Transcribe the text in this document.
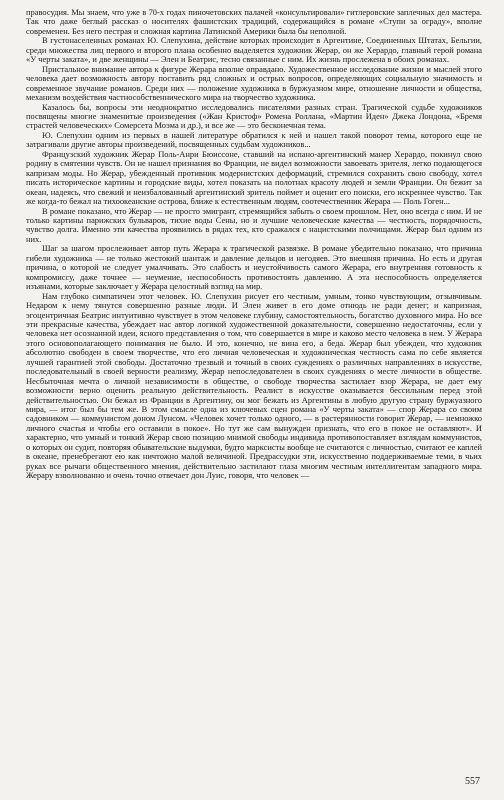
правосудия. Мы знаем, что уже в 70-х годах пиночетовских палачей «консультировали» гитлеровские заплечных дел мастера. Так что даже беглый рассказ о носителях фашистских традиций, содержащийся в романе «Ступи за ограду», вполне современен. Без него пестрая и сложная картина Латинской Америки была бы неполной.

В густонаселенных романах Ю. Слепухина, действие которых происходит в Аргентине, Соединенных Штатах, Бельгии, среди множества лиц первого и второго плана особенно выделяется художник Жерар, он же Херардо, главный герой романа «У черты заката», и две женщины — Элен и Беатрис, тесно связанные с ним. Их жизнь прослежена в обоих романах.

Пристальное внимание автора к фигуре Жерара вполне оправдано. Художественное исследование жизни и мыслей этого человека дает возможность автору поставить ряд сложных и острых вопросов, определяющих социальную значимость и современное звучание романов. Среди них — положение художника в буржуазном мире, отношение личности и общества, механизм воздействия частнособственнического мира на творчество художника.

Казалось бы, вопросы эти неоднократно исследовались писателями разных стран. Трагической судьбе художников посвящены многие знаменитые произведения («Жан Кристоф» Ромена Роллана, «Мартин Иден» Джека Лондона, «Бремя страстей человеческих» Сомерсета Моэма и др.), и все же — это бесконечная тема.

Ю. Слепухин одним из первых в нашей литературе обратился к ней и нашел такой поворот темы, которого еще не затрагивали другие авторы произведений, посвященных судьбам художников...

Французский художник Жерар Поль-Анри Бюиссоне, ставший на испано-аргентинский манер Херардо, покинул свою родину в смятении чувств. Он не нашел признания во Франции, не видел возможности завоевать зрителя, легко подающегося капризам моды. Но Жерар, убежденный противник модернистских деформаций, стремился сохранить свою свободу, хотел писать историческое картины и городские виды, хотел показать на полотнах красоту людей и земли Франции. Он бежит за океан, надеясь, что свежий и неизбалованный аргентинский зритель поймет и оценит его поиски, его искреннее чувство. Так же когда-то бежал на тихоокеанские острова, ближе к естественным людям, соотечественник Жерара — Поль Гоген...

В романе показано, что Жерар — не просто эмигрант, стремящийся забыть о своем прошлом. Нет, оно всегда с ним. И не только картины парижских бульваров, тихие воды Сены, но и лучшие человеческие качества — честность, порядочность, чувство долга. Именно эти качества проявились в рядах тех, кто сражался с нацистскими полчищами. Жерар был одним из них.

Шаг за шагом прослеживает автор путь Жерара к трагической развязке. В романе убедительно показано, что причина гибели художника — не только жестокий шантаж и давление дельцов и негодяев. Это внешняя причина. Но есть и другая причина, о которой не следует умалчивать. Это слабость и неустойчивость самого Жерара, его внутренняя готовность к компромиссу, даже точнее — неумение, неспособность противостоять давлению. А эта неспособность определяется изъянами, которые заключает у Жерара целостный взгляд на мир.

Нам глубоко симпатичен этот человек. Ю. Слепухин рисует его честным, умным, тонко чувствующим, отзывчивым. Недаром к нему тянутся совершенно разные люди. И Элен живет в его доме отнюдь не ради денег; и капризная, эгоцентричная Беатрис интуитивно чувствует в этом человеке глубину, самостоятельность, богатство духовного мира. Но все эти прекрасные качества, убеждает нас автор логикой художественной доказательности, совершенно недостаточны, если у человека нет осознанной идеи, ясного представления о том, что совершается в мире и каково место человека в нем. У Жерара этого основополагающего понимания не было. И это, конечно, не вина его, а беда. Жерар был убежден, что художник абсолютно свободен в своем творчестве, что его личная человеческая и художническая честность сама по себе является лучшей гарантией этой свободы. Достаточно трезвый и точный в своих суждениях о различных направлениях в искусстве, последовательный в своей верности реализму, Жерар непоследователен в своих суждениях о месте личности в обществе. Несбыточная мечта о личной независимости в обществе, о свободе творчества застилает взор Жерара, не дает ему возможности верно оценить реальную действительность. Реалист в искусстве оказывается бессильным перед этой действительностью. Он бежал из Франции в Аргентину, он мог бежать из Аргентины в любую другую страну буржуазного мира, — итог был бы тем же. В этом смысле одна из ключевых сцен романа «У черты заката» — спор Жерара со своим садовником — коммунистом доном Лунсом. «Человек хочет только одного, — в растерянности говорит Жерар, — немножко личного счастья и чтобы его оставили в покое». Но тут же сам вынужден признать, что его в покое не оставляют». И характерно, что умный и тонкий Жерар свою позицию мнимой свободы индивида противопоставляет взглядам коммунистов, о которых он судит, повторяя обывательские выдумки, будто марксисты вообще не считаются с личностью, считают ее каплей в океане, пренебрегают ею как ничтожно малой величиной. Предрассудки эти, искусственно поддерживаемые теми, в чьих руках все рычаги общественного мнения, действительно застилают глаза многим честным интеллигентам западного мира. Жерару взволнованно и очень точно отвечает дон Луис, говоря, что человек —

557
